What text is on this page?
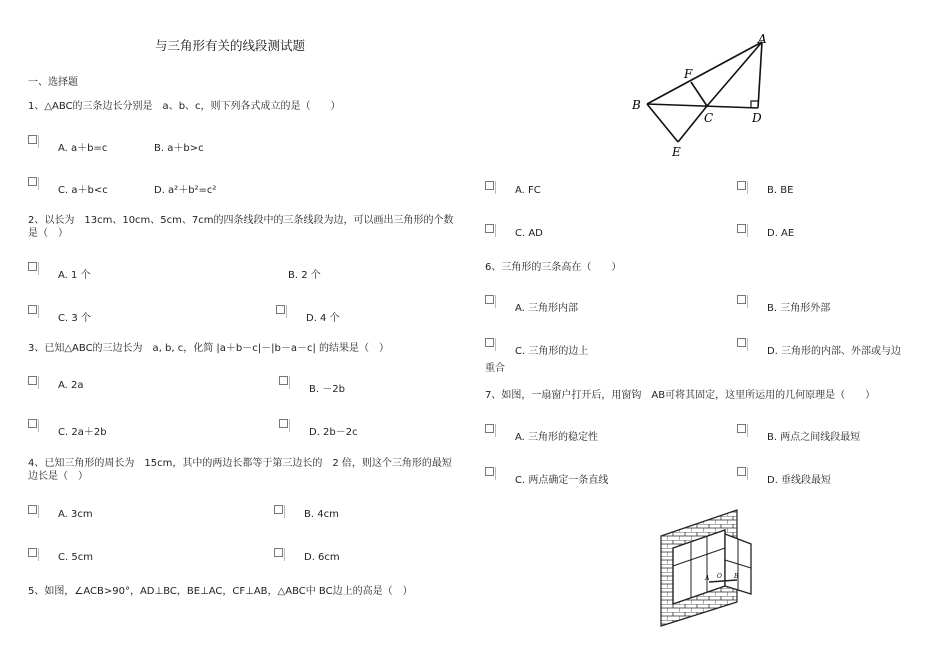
与三角形有关的线段测试题
一、选择题
1、△ABC的三条边长分别是　a、b、c，则下列各式成立的是（　　）
A. a＋b=c	B. a＋b>c
C. a＋b<c	D. a²＋b²=c²
2、以长为　13cm、10cm、5cm、7cm的四条线段中的三条线段为边，可以画出三角形的个数是（　）
A. 1 个	B. 2 个
C. 3 个	D. 4 个
3、已知△ABC的三边长为　a, b, c，化简 |a＋b－c|－|b－a－c| 的结果是（　）
A. 2a	B. －2b
C. 2a＋2b	D. 2b－2c
4、已知三角形的周长为　15cm，其中的两边长都等于第三边长的　2 倍，则这个三角形的最短边长是（　）
A. 3cm	B. 4cm
C. 5cm	D. 6cm
5、如图，∠ACB>90°，AD⊥BC，BE⊥AC，CF⊥AB，△ABC中 BC边上的高是（　）
A
B
C	D
E
F
A. FC	B. BE
C. AD	D. AE
6、三角形的三条高在（　　）
A. 三角形内部	B. 三角形外部
C. 三角形的边上	D. 三角形的内部、外部或与边
重合
7、如图，一扇窗户打开后，用窗钩　AB可将其固定，这里所运用的几何原理是（　　）
A. 三角形的稳定性	B. 两点之间线段最短
C. 两点确定一条直线	D. 垂线段最短
A O B
